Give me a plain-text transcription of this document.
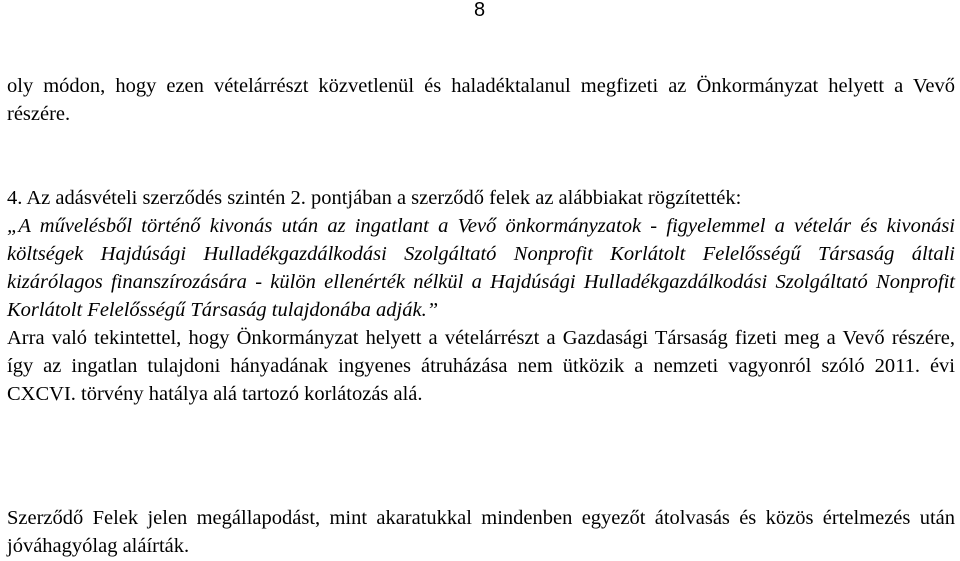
8
oly módon, hogy ezen vételárrészt közvetlenül és haladéktalanul megfizeti az Önkormányzat helyett a Vevő részére.
4. Az adásvételi szerződés szintén 2. pontjában a szerződő felek az alábbiakat rögzítették:
„A művelésből történő kivonás után az ingatlant a Vevő önkormányzatok - figyelemmel a vételár és kivonási költségek Hajdúsági Hulladékgazdálkodási Szolgáltató Nonprofit Korlátolt Felelősségű Társaság általi kizárólagos finanszírozására - külön ellenérték nélkül a Hajdúsági Hulladékgazdálkodási Szolgáltató Nonprofit Korlátolt Felelősségű Társaság tulajdonába adják.”
Arra való tekintettel, hogy Önkormányzat helyett a vételárrészt a Gazdasági Társaság fizeti meg a Vevő részére, így az ingatlan tulajdoni hányadának ingyenes átruházása nem ütközik a nemzeti vagyonról szóló 2011. évi CXCVI. törvény hatálya alá tartozó korlátozás alá.
Szerződő Felek jelen megállapodást, mint akaratukkal mindenben egyezőt átolvasás és közös értelmezés után jóváhagyólag aláírták.
